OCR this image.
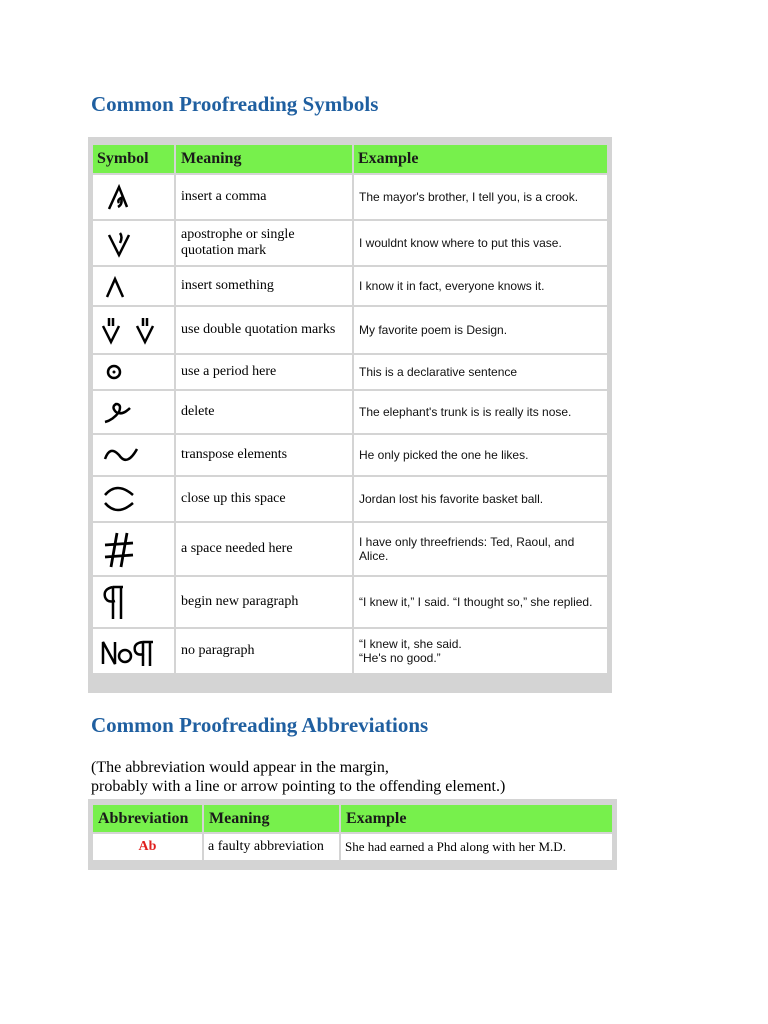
Common Proofreading Symbols
Symbol	Meaning	Example

	insert a comma	The mayor's brother, I tell you, is a crook.

	apostrophe or single quotation mark	I wouldnt know where to put this vase.

	insert something	I know it in fact, everyone knows it.

	use double quotation marks	My favorite poem is Design.

	use a period here	This is a declarative sentence

	delete	The elephant's trunk is is really its nose.

	transpose elements	He only picked the one he likes.

	close up this space	Jordan lost his favorite basket ball.

	a space needed here	I have only threefriends: Ted, Raoul, and Alice.

	begin new paragraph	“I knew it,” I said. “I thought so,” she replied.

	no paragraph	“I knew it, she said.
“He's no good.”
Common Proofreading Abbreviations

(The abbreviation would appear in the margin,
probably with a line or arrow pointing to the offending element.)

Abbreviation	Meaning	Example
Ab	a faulty abbreviation	She had earned a Phd along with her M.D.
